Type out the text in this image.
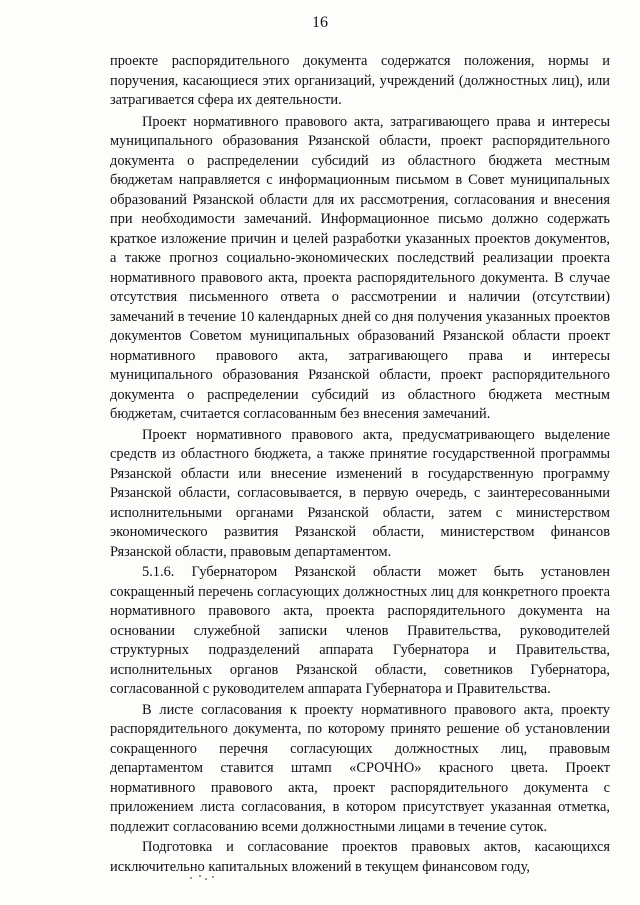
16

проекте распорядительного документа содержатся положения, нормы и поручения, касающиеся этих организаций, учреждений (должностных лиц), или затрагивается сфера их деятельности.

Проект нормативного правового акта, затрагивающего права и интересы муниципального образования Рязанской области, проект распорядительного документа о распределении субсидий из областного бюджета местным бюджетам направляется с информационным письмом в Совет муниципальных образований Рязанской области для их рассмотрения, согласования и внесения при необходимости замечаний. Информационное письмо должно содержать краткое изложение причин и целей разработки указанных проектов документов, а также прогноз социально-экономических последствий реализации проекта нормативного правового акта, проекта распорядительного документа. В случае отсутствия письменного ответа о рассмотрении и наличии (отсутствии) замечаний в течение 10 календарных дней со дня получения указанных проектов документов Советом муниципальных образований Рязанской области проект нормативного правового акта, затрагивающего права и интересы муниципального образования Рязанской области, проект распорядительного документа о распределении субсидий из областного бюджета местным бюджетам, считается согласованным без внесения замечаний.

Проект нормативного правового акта, предусматривающего выделение средств из областного бюджета, а также принятие государственной программы Рязанской области или внесение изменений в государственную программу Рязанской области, согласовывается, в первую очередь, с заинтересованными исполнительными органами Рязанской области, затем с министерством экономического развития Рязанской области, министерством финансов Рязанской области, правовым департаментом.

5.1.6. Губернатором Рязанской области может быть установлен сокращенный перечень согласующих должностных лиц для конкретного проекта нормативного правового акта, проекта распорядительного документа на основании служебной записки членов Правительства, руководителей структурных подразделений аппарата Губернатора и Правительства, исполнительных органов Рязанской области, советников Губернатора, согласованной с руководителем аппарата Губернатора и Правительства.

В листе согласования к проекту нормативного правового акта, проекту распорядительного документа, по которому принято решение об установлении сокращенного перечня согласующих должностных лиц, правовым департаментом ставится штамп «СРОЧНО» красного цвета. Проект нормативного правового акта, проект распорядительного документа с приложением листа согласования, в котором присутствует указанная отметка, подлежит согласованию всеми должностными лицами в течение суток.

Подготовка и согласование проектов правовых актов, касающихся исключительно капитальных вложений в текущем финансовом году,
